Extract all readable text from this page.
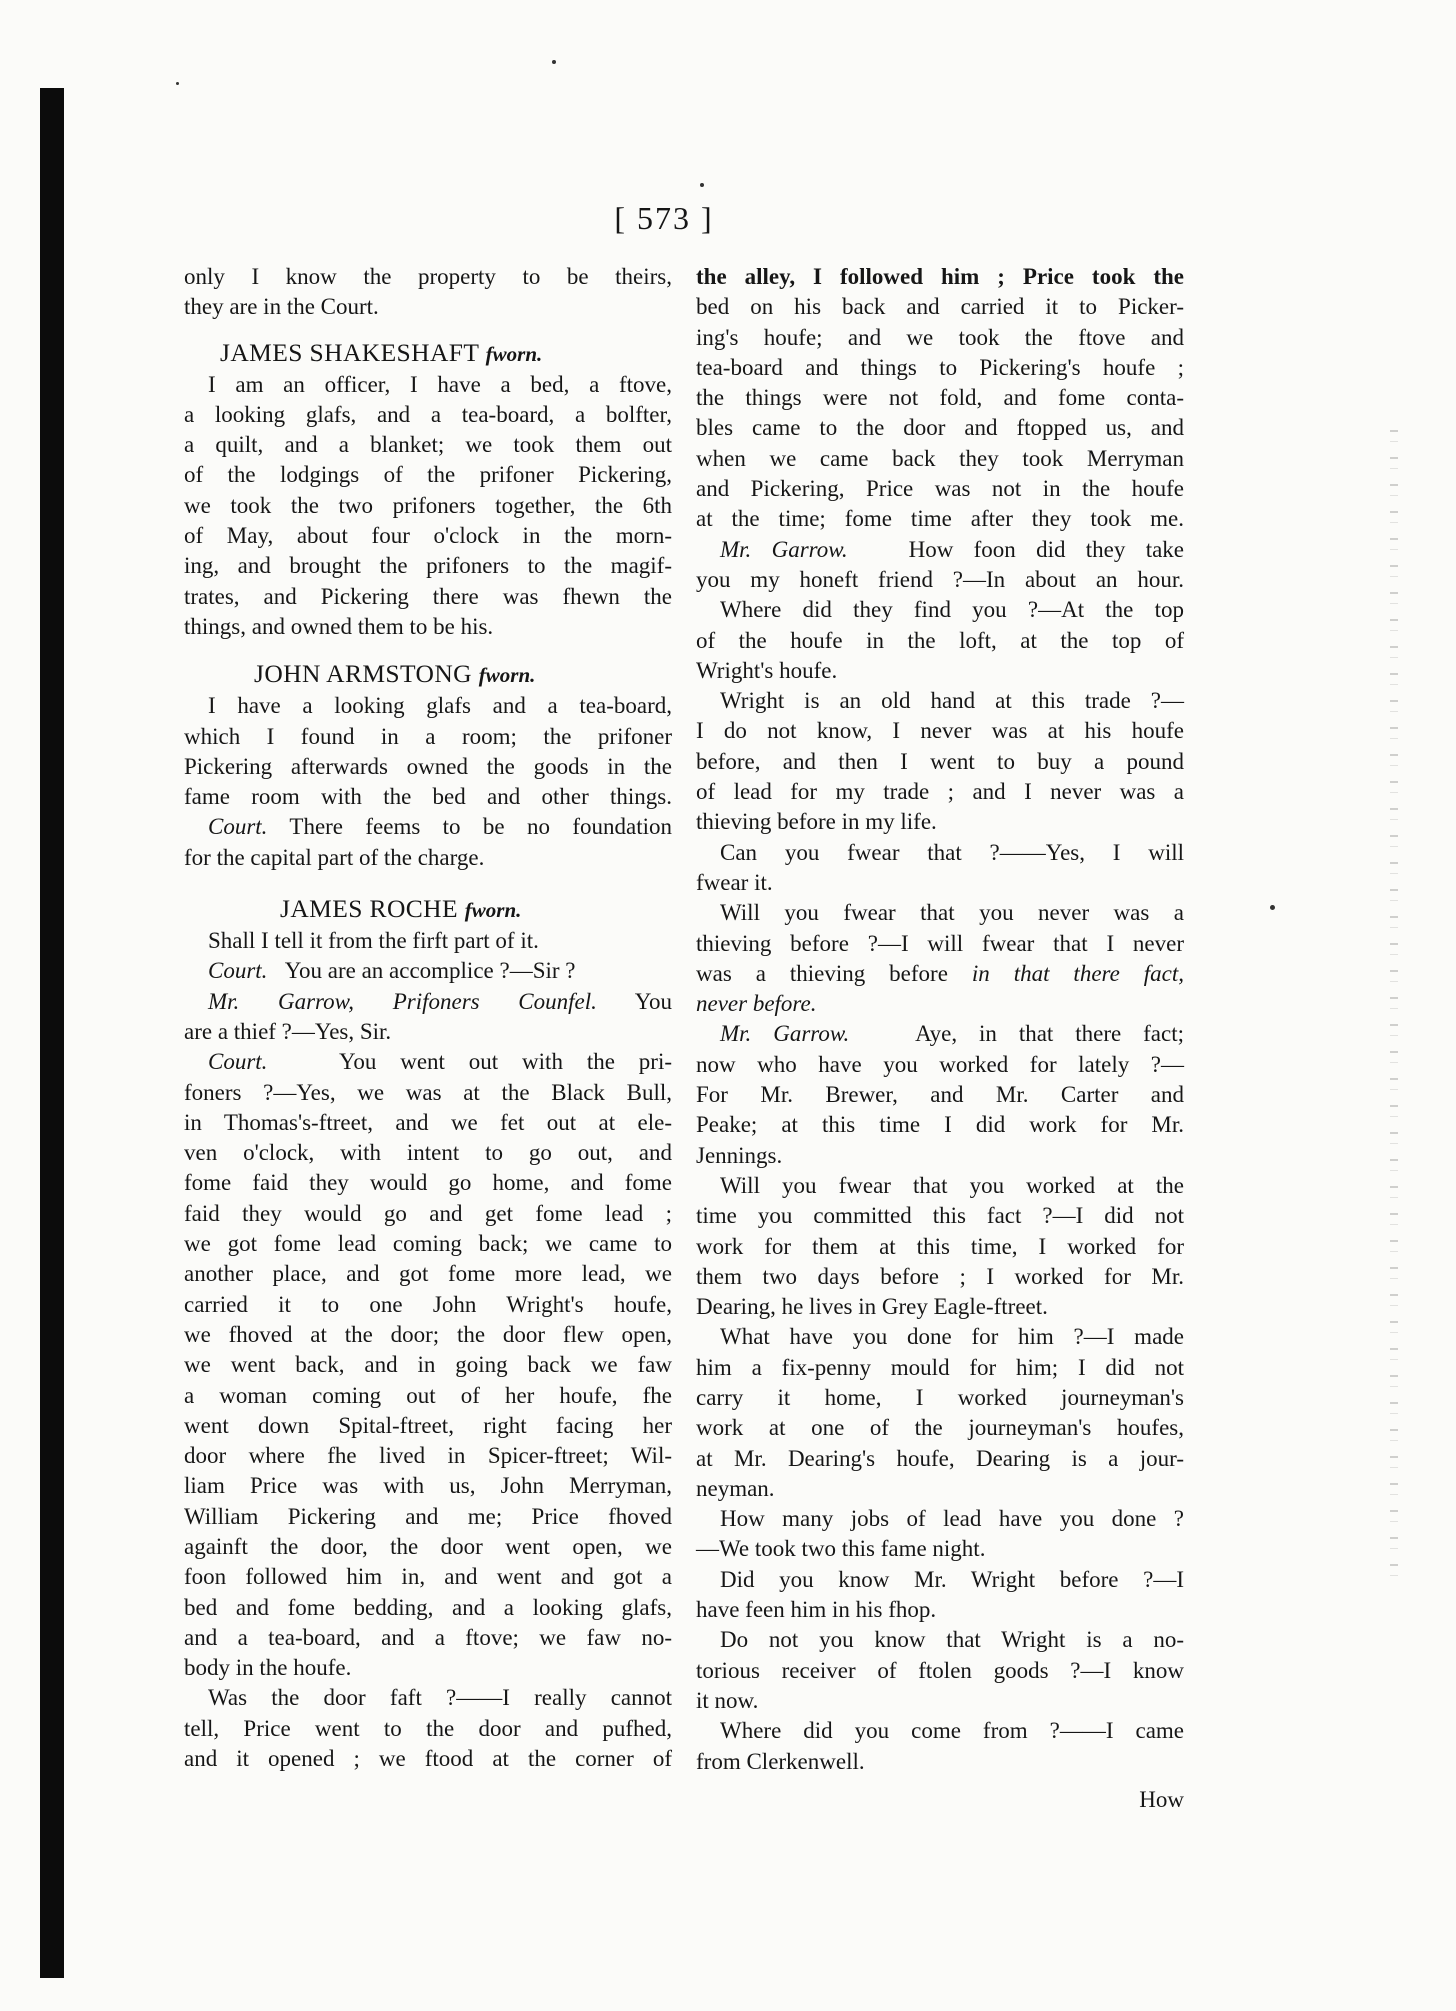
[ 573 ]
only I know the property to be theirs,
they are in the Court.
JAMES SHAKESHAFT fworn.
I am an officer, I have a bed, a ftove,
a looking glafs, and a tea-board, a bolfter,
a quilt, and a blanket; we took them out
of the lodgings of the prifoner Pickering,
we took the two prifoners together, the 6th
of May, about four o'clock in the morn-
ing, and brought the prifoners to the magif-
trates, and Pickering there was fhewn the
things, and owned them to be his.
JOHN ARMSTONG fworn.
I have a looking glafs and a tea-board,
which I found in a room; the prifoner
Pickering afterwards owned the goods in the
fame room with the bed and other things.
Court. There feems to be no foundation
for the capital part of the charge.
JAMES ROCHE fworn.
Shall I tell it from the firft part of it.
Court. You are an accomplice ?—Sir ?
Mr. Garrow, Prifoners Counfel. You
are a thief ?—Yes, Sir.
Court.	You went out with the pri-
foners ?—Yes, we was at the Black Bull,
in Thomas's-ftreet, and we fet out at ele-
ven o'clock, with intent to go out, and
fome faid they would go home, and fome
faid they would go and get fome lead ;
we got fome lead coming back; we came to
another place, and got fome more lead, we
carried it to one John Wright's houfe,
we fhoved at the door; the door flew open,
we went back, and in going back we faw
a woman coming out of her houfe, fhe
went down Spital-ftreet, right facing her
door where fhe lived in Spicer-ftreet; Wil-
liam Price was with us, John Merryman,
William Pickering and me; Price fhoved
againft the door, the door went open, we
foon followed him in, and went and got a
bed and fome bedding, and a looking glafs,
and a tea-board, and a ftove; we faw no-
body in the houfe.
Was the door faft ?——I really cannot
tell, Price went to the door and pufhed,
and it opened ; we ftood at the corner of
the alley, I followed him ; Price took the
bed on his back and carried it to Picker-
ing's houfe; and we took the ftove and
tea-board and things to Pickering's houfe ;
the things were not fold, and fome conta-
bles came to the door and ftopped us, and
when we came back they took Merryman
and Pickering, Price was not in the houfe
at the time; fome time after they took me.
Mr. Garrow.	How foon did they take
you my honeft friend ?—In about an hour.
Where did they find you ?—At the top
of the houfe in the loft, at the top of
Wright's houfe.
Wright is an old hand at this trade ?—
I do not know, I never was at his houfe
before, and then I went to buy a pound
of lead for my trade ; and I never was a
thieving before in my life.
Can you fwear that ?——Yes, I will
fwear it.
Will you fwear that you never was a
thieving before ?—I will fwear that I never
was a thieving before in that there fact,
never before.
Mr. Garrow.	Aye, in that there fact;
now who have you worked for lately ?—
For Mr. Brewer, and Mr. Carter and
Peake; at this time I did work for Mr.
Jennings.
Will you fwear that you worked at the
time you committed this fact ?—I did not
work for them at this time, I worked for
them two days before ; I worked for Mr.
Dearing, he lives in Grey Eagle-ftreet.
What have you done for him ?—I made
him a fix-penny mould for him; I did not
carry it home, I worked journeyman's
work at one of the journeyman's houfes,
at Mr. Dearing's houfe, Dearing is a jour-
neyman.
How many jobs of lead have you done ?
—We took two this fame night.
Did you know Mr. Wright before ?—I
have feen him in his fhop.
Do not you know that Wright is a no-
torious receiver of ftolen goods ?—I know
it now.
Where did you come from ?——I came
from Clerkenwell.
How
